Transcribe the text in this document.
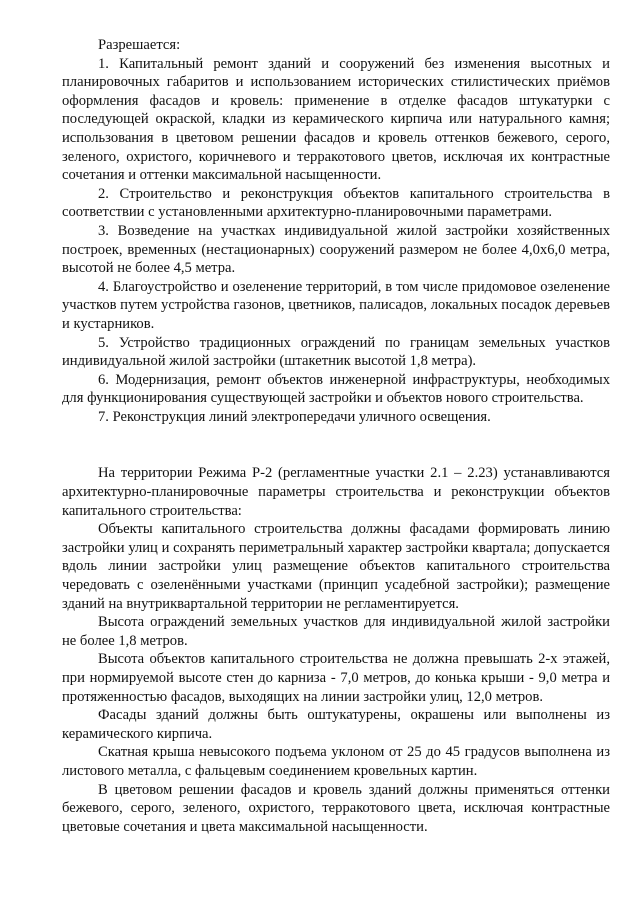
Разрешается:

1. Капитальный ремонт зданий и сооружений без изменения высотных и планировочных габаритов и использованием исторических стилистических приёмов оформления фасадов и кровель: применение в отделке фасадов штукатурки с последующей окраской, кладки из керамического кирпича или натурального камня; использования в цветовом решении фасадов и кровель оттенков бежевого, серого, зеленого, охристого, коричневого и терракотового цветов, исключая их контрастные сочетания и оттенки максимальной насыщенности.

2. Строительство и реконструкция объектов капитального строительства в соответствии с установленными архитектурно-планировочными параметрами.

3. Возведение на участках индивидуальной жилой застройки хозяйственных построек, временных (нестационарных) сооружений размером не более 4,0х6,0 метра, высотой не более 4,5 метра.

4. Благоустройство и озеленение территорий, в том числе придомовое озеленение участков путем устройства газонов, цветников, палисадов, локальных посадок деревьев и кустарников.

5. Устройство традиционных ограждений по границам земельных участков индивидуальной жилой застройки (штакетник высотой 1,8 метра).

6. Модернизация, ремонт объектов инженерной инфраструктуры, необходимых для функционирования существующей застройки и объектов нового строительства.

7. Реконструкция линий электропередачи уличного освещения.

На территории Режима Р-2 (регламентные участки 2.1 – 2.23) устанавливаются архитектурно-планировочные параметры строительства и реконструкции объектов капитального строительства:

Объекты капитального строительства должны фасадами формировать линию застройки улиц и сохранять периметральный характер застройки квартала; допускается вдоль линии застройки улиц размещение объектов капитального строительства чередовать с озеленёнными участками (принцип усадебной застройки); размещение зданий на внутриквартальной территории не регламентируется.

Высота ограждений земельных участков для индивидуальной жилой застройки не более 1,8 метров.

Высота объектов капитального строительства не должна превышать 2-х этажей, при нормируемой высоте стен до карниза - 7,0 метров, до конька крыши - 9,0 метра и протяженностью фасадов, выходящих на линии застройки улиц, 12,0 метров.

Фасады зданий должны быть оштукатурены, окрашены или выполнены из керамического кирпича.

Скатная крыша невысокого подъема уклоном от 25 до 45 градусов выполнена из листового металла, с фальцевым соединением кровельных картин.

В цветовом решении фасадов и кровель зданий должны применяться оттенки бежевого, серого, зеленого, охристого, терракотового цвета, исключая контрастные цветовые сочетания и цвета максимальной насыщенности.
